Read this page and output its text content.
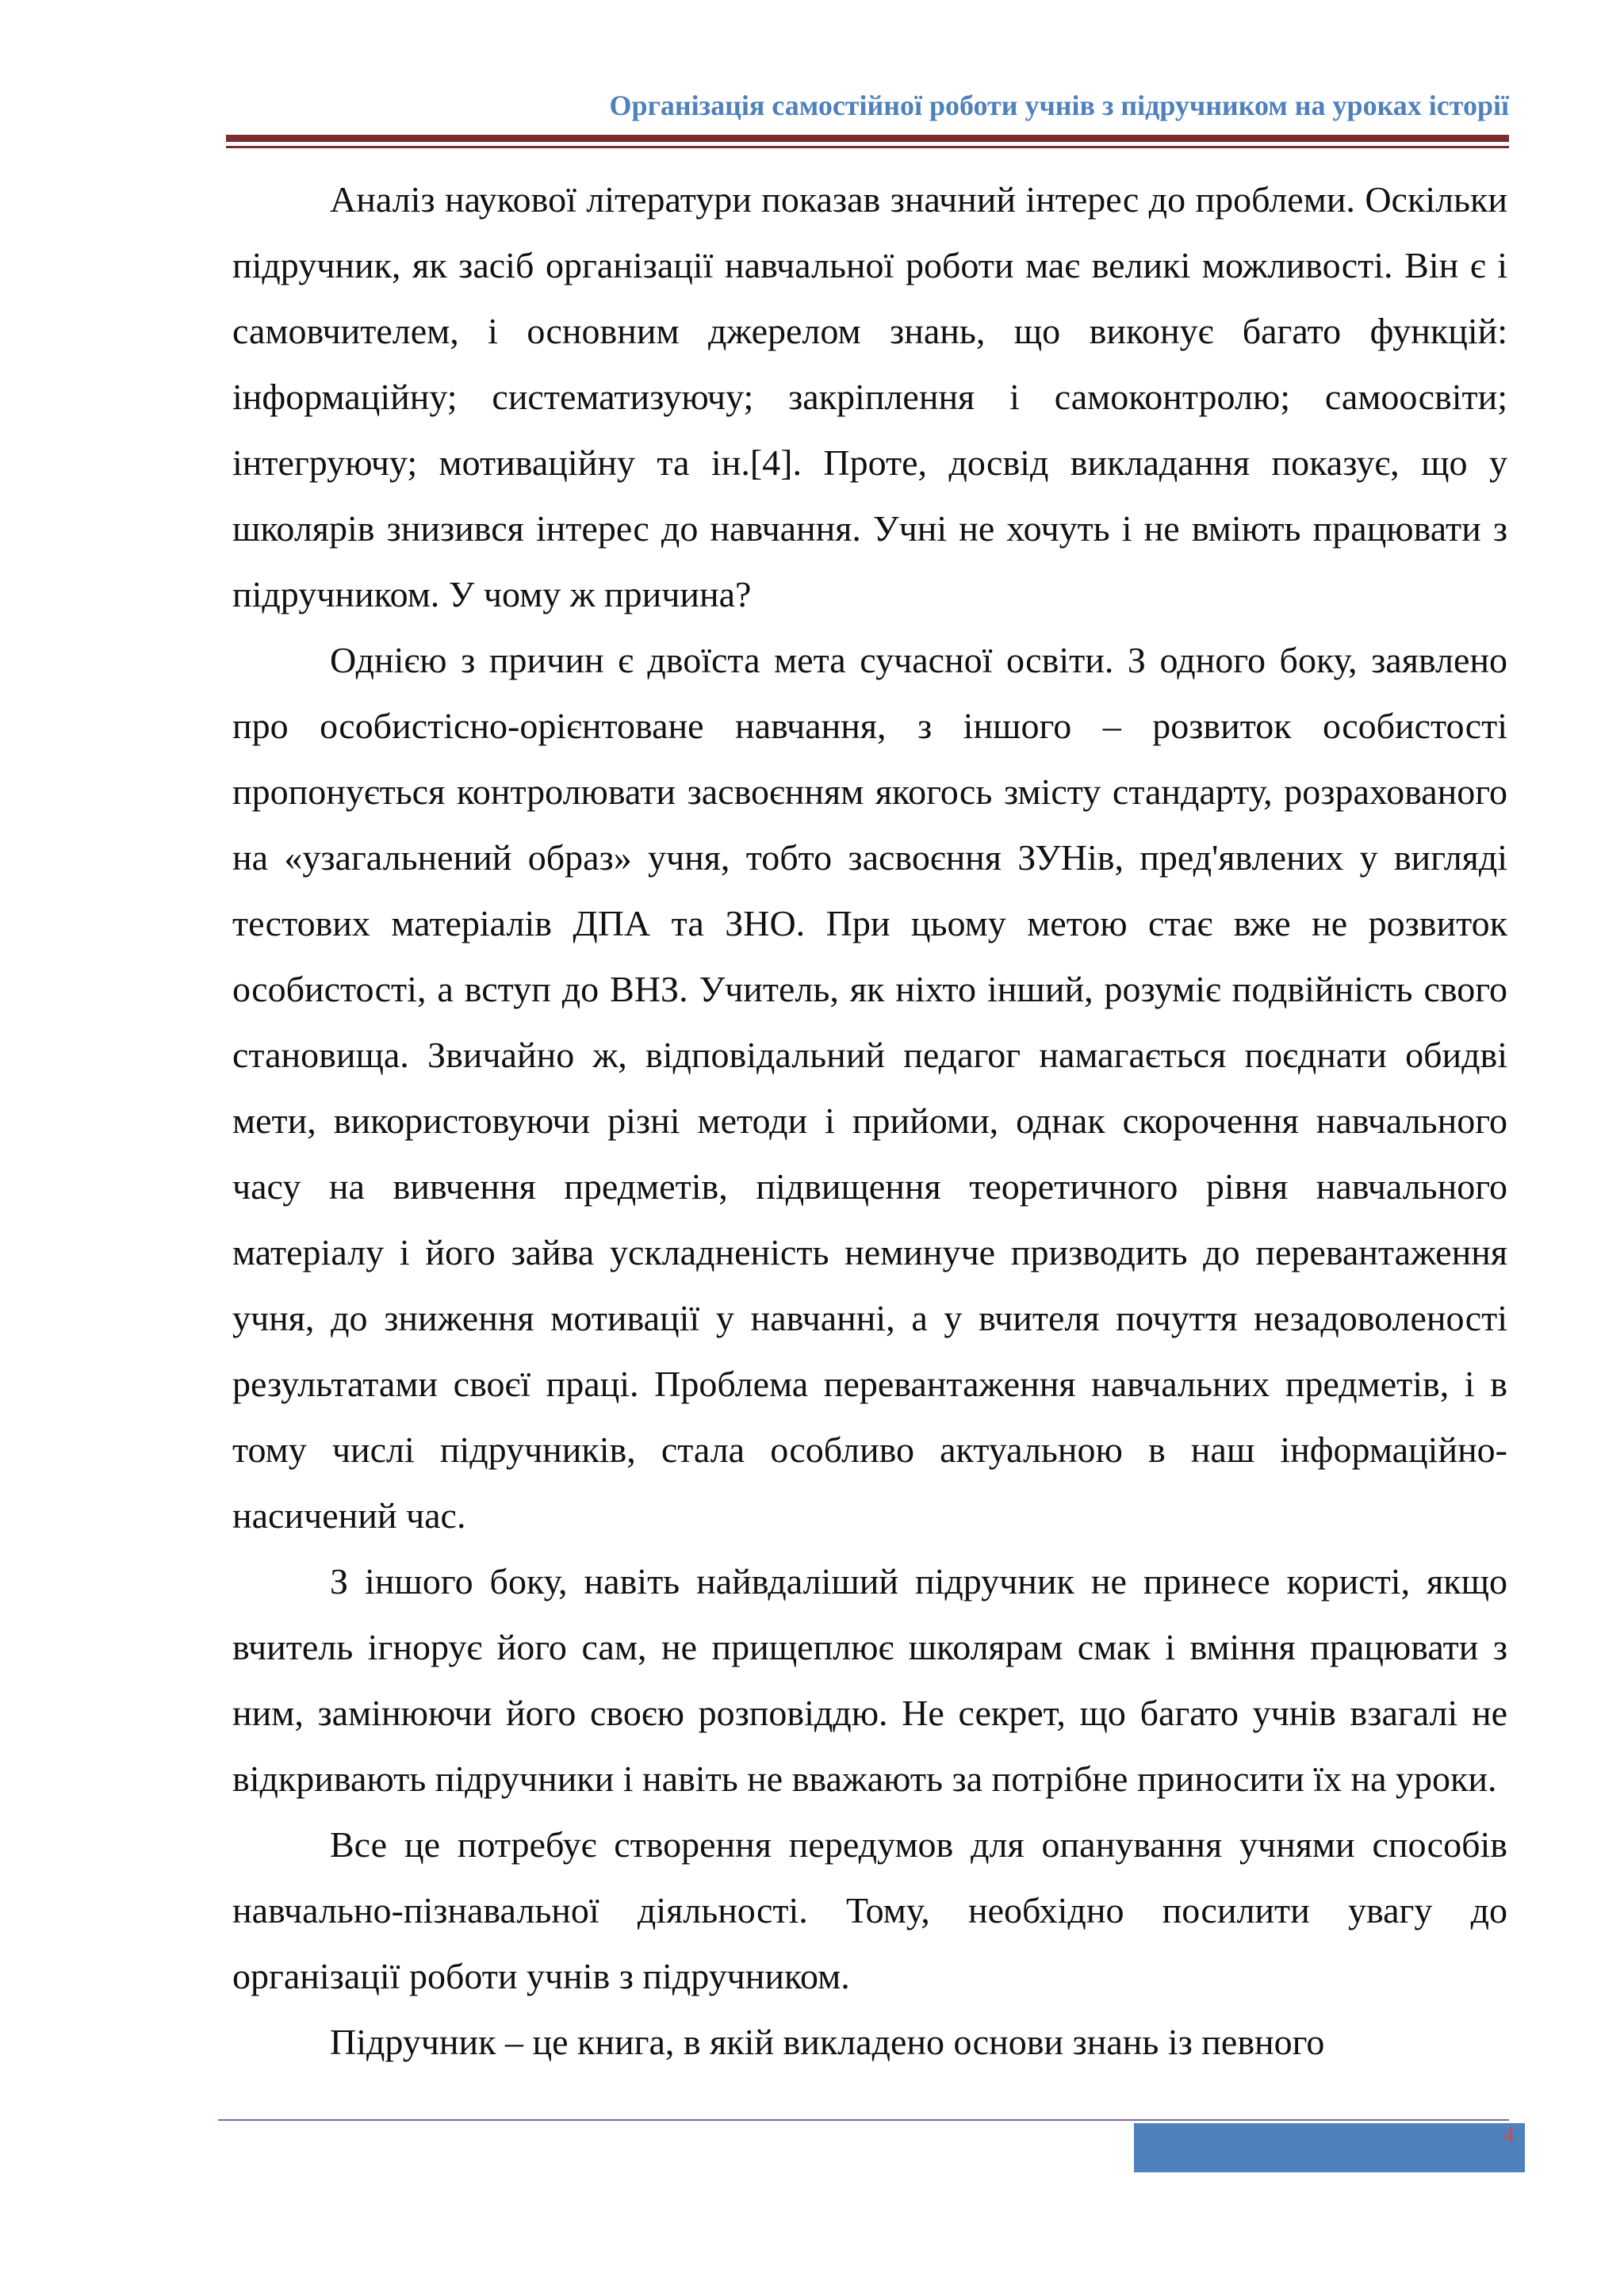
Організація самостійної роботи учнів з підручником на уроках історії

Аналіз наукової літератури показав значний інтерес до проблеми. Оскільки підручник, як засіб організації навчальної роботи має великі можливості. Він є і самовчителем, і основним джерелом знань, що виконує багато функцій: інформаційну; систематизуючу; закріплення і самоконтролю; самоосвіти; інтегруючу; мотиваційну та ін.[4]. Проте, досвід викладання показує, що у школярів знизився інтерес до навчання. Учні не хочуть і не вміють працювати з підручником. У чому ж причина?

Однією з причин є двоїста мета сучасної освіти. З одного боку, заявлено про особистісно-орієнтоване навчання, з іншого – розвиток особистості пропонується контролювати засвоєнням якогось змісту стандарту, розрахованого на «узагальнений образ» учня, тобто засвоєння ЗУНів, пред'явлених у вигляді тестових матеріалів ДПА та ЗНО. При цьому метою стає вже не розвиток особистості, а вступ до ВНЗ. Учитель, як ніхто інший, розуміє подвійність свого становища. Звичайно ж, відповідальний педагог намагається поєднати обидві мети, використовуючи різні методи і прийоми, однак скорочення навчального часу на вивчення предметів, підвищення теоретичного рівня навчального матеріалу і його зайва ускладненість неминуче призводить до перевантаження учня, до зниження мотивації у навчанні, а у вчителя почуття незадоволеності результатами своєї праці. Проблема перевантаження навчальних предметів, і в тому числі підручників, стала особливо актуальною в наш інформаційно-насичений час.

З іншого боку, навіть найвдаліший підручник не принесе користі, якщо вчитель ігнорує його сам, не прищеплює школярам смак і вміння працювати з ним, замінюючи його своєю розповіддю. Не секрет, що багато учнів взагалі не відкривають підручники і навіть не вважають за потрібне приносити їх на уроки.

Все це потребує створення передумов для опанування учнями способів навчально-пізнавальної діяльності. Тому, необхідно посилити увагу до організації роботи учнів з підручником.

Підручник – це книга, в якій викладено основи знань із певного

4
